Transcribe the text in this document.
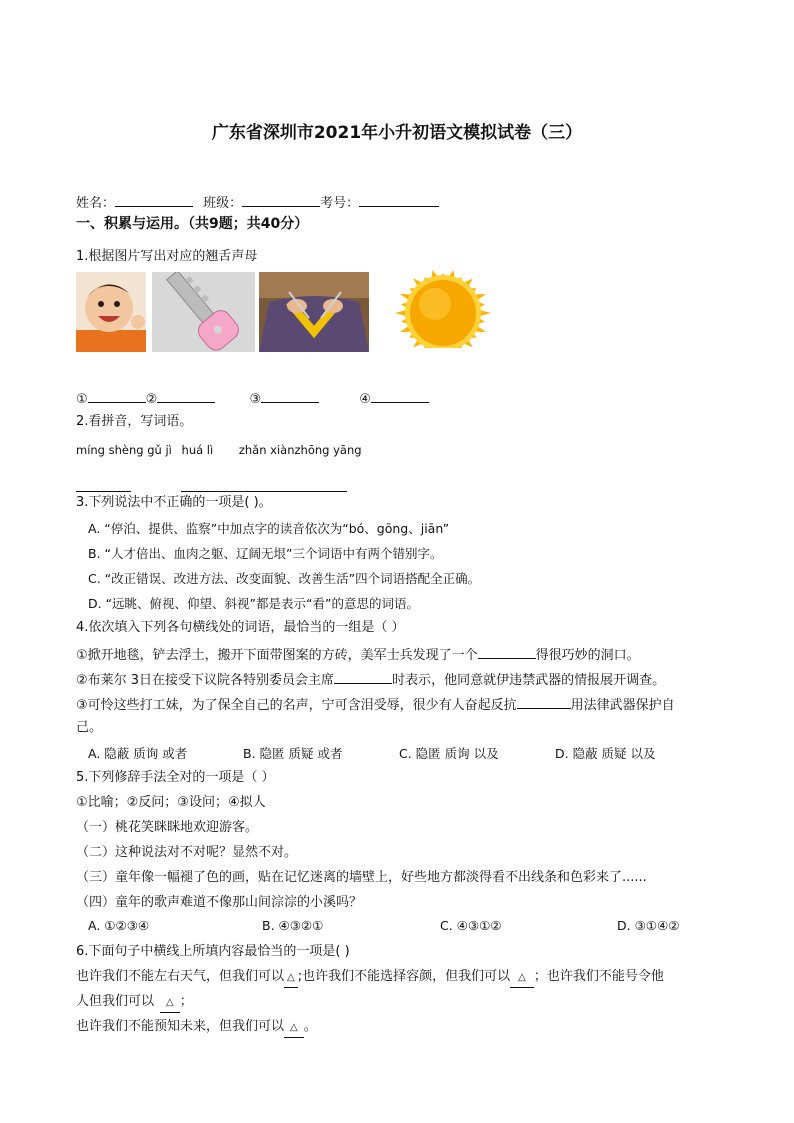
广东省深圳市2021年小升初语文模拟试卷（三）
姓名：	班级：	考号：
一、积累与运用。（共9题；共40分）
1.根据图片写出对应的翘舌声母
①	②	③	④
2.看拼音，写词语。
míng shèng gǔ jì huá lì zhǎn xiànzhōng yāng

3.下列说法中不正确的一项是( )。
A. “停泊、提供、监察”中加点字的读音依次为“bó、gōng、jiān”
B. “人才倍出、血肉之躯、辽阔无垠”三个词语中有两个错别字。
C. “改正错误、改进方法、改变面貌、改善生活”四个词语搭配全正确。
D. “远眺、俯视、仰望、斜视”都是表示“看”的意思的词语。
4.依次填入下列各句横线处的词语，最恰当的一组是（ ）
①掀开地毯，铲去浮土，搬开下面带图案的方砖，美军士兵发现了一个	得很巧妙的洞口。
②布莱尔 3日在接受下议院各特别委员会主席	时表示，他同意就伊违禁武器的情报展开调查。
③可怜这些打工妹，为了保全自己的名声，宁可含泪受辱，很少有人奋起反抗	用法律武器保护自
己。
A. 隐蔽 质询 或者	B. 隐匿 质疑 或者	C. 隐匿 质询 以及	D. 隐蔽 质疑 以及
5.下列修辞手法全对的一项是（ ）
①比喻；②反问；③设问；④拟人
（一）桃花笑眯眯地欢迎游客。
（二）这种说法对不对呢？显然不对。
（三）童年像一幅褪了色的画，贴在记忆迷离的墙壁上，好些地方都淡得看不出线条和色彩来了......
（四）童年的歌声难道不像那山间淙淙的小溪吗？
A. ①②③④	B. ④③②①	C. ④③①②	D. ③①④②
6.下面句子中横线上所填内容最恰当的一项是( )
也许我们不能左右天气，但我们可以 △ ;也许我们不能选择容颜，但我们可以 △ ；也许我们不能号令他
人但我们可以 △ ；
也许我们不能预知未来，但我们可以 △ 。
